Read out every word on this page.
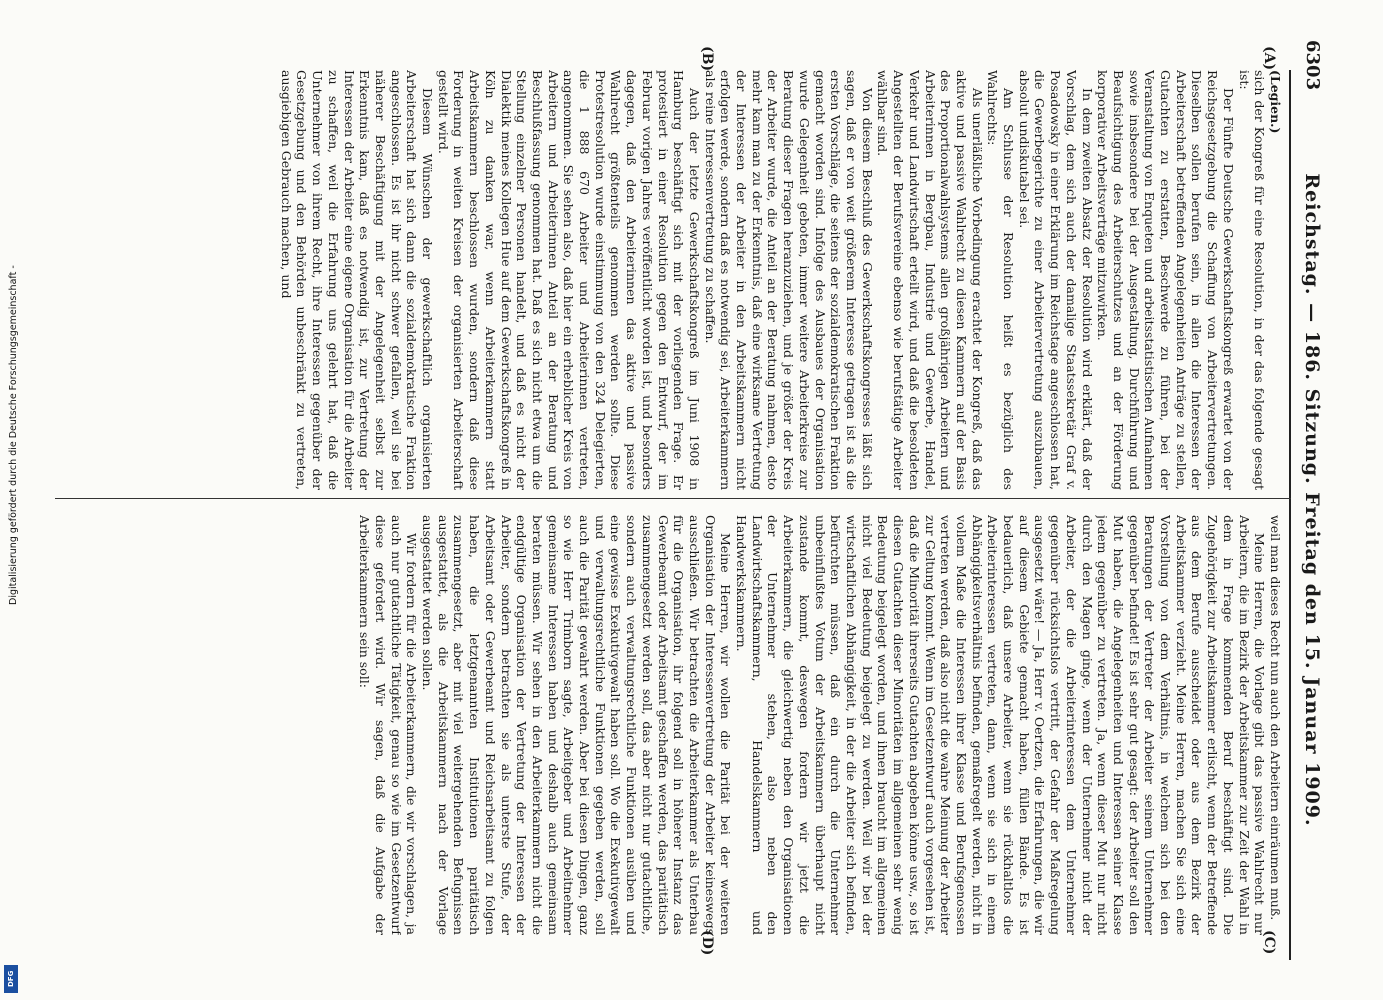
6303
Reichstag. — 186. Sitzung. Freitag den 15. Januar 1909.
(A)
(B)
(C)
(D)

(Legien.)

sich der Kongreß für eine Resolution, in der das folgende gesagt ist:

Der Fünfte Deutsche Gewerkschaftskongreß erwartet von der Reichsgesetzgebung die Schaffung von Arbeitervertretungen. Dieselben sollen berufen sein, in allen die Interessen der Arbeiterschaft betreffenden Angelegenheiten Anträge zu stellen, Gutachten zu erstatten, Beschwerde zu führen, bei der Veranstaltung von Enqueten und arbeitsstatistischen Aufnahmen sowie insbesondere bei der Ausgestaltung, Durchführung und Beaufsichtigung des Arbeiterschutzes und an der Förderung korporativer Arbeitsverträge mitzuwirken.

In dem zweiten Absatz der Resolution wird erklärt, daß der Vorschlag, dem sich auch der damalige Staatssekretär Graf v. Posadowsky in einer Erklärung im Reichstage angeschlossen hat, die Gewerbegerichte zu einer Arbeitervertretung auszubauen, absolut undiskutabel sei.

Am Schlusse der Resolution heißt es bezüglich des Wahlrechts:

Als unerläßliche Vorbedingung erachtet der Kongreß, daß das aktive und passive Wahlrecht zu diesen Kammern auf der Basis des Proportionalwahlsystems allen großjährigen Arbeitern und Arbeiterinnen in Bergbau, Industrie und Gewerbe, Handel, Verkehr und Landwirtschaft erteilt wird, und daß die besoldeten Angestellten der Berufsvereine ebenso wie berufstätige Arbeiter wählbar sind.

Von diesem Beschluß des Gewerkschaftskongresses läßt sich sagen, daß er von weit größerem Interesse getragen ist als die ersten Vorschläge, die seitens der sozialdemokratischen Fraktion gemacht worden sind. Infolge des Ausbaues der Organisation wurde Gelegenheit geboten, immer weitere Arbeiterkreise zur Beratung dieser Fragen heranzuziehen, und je größer der Kreis der Arbeiter wurde, die Anteil an der Beratung nahmen, desto mehr kam man zu der Erkenntnis, daß eine wirksame Vertretung der Interessen der Arbeiter in den Arbeitskammern nicht erfolgen werde, sondern daß es notwendig sei, Arbeiterkammern als reine Interessenvertretung zu schaffen.

Auch der letzte Gewerkschaftskongreß im Juni 1908 in Hamburg beschäftigt sich mit der vorliegenden Frage. Er protestiert in einer Resolution gegen den Entwurf, der im Februar vorigen Jahres veröffentlicht worden ist, und besonders dagegen, daß den Arbeiterinnen das aktive und passive Wahlrecht größtenteils genommen werden sollte. Diese Protestresolution wurde einstimmung von den 324 Delegierten, die 1 888 670 Arbeiter und Arbeiterinnen vertreten, angenommen. Sie sehen also, daß hier ein erheblicher Kreis von Arbeitern und Arbeiterinnen Anteil an der Beratung und Beschlußfassung genommen hat. Daß es sich nicht etwa um die Stellung einzelner Personen handelt, und daß es nicht der Dialektik meines Kollegen Hue auf dem Gewerkschaftskongreß in Köln zu danken war, wenn Arbeiterkammern statt Arbeitskammern beschlossen wurden, sondern daß diese Forderung in weiten Kreisen der organisierten Arbeiterschaft gestellt wird.

Diesem Wünschen der gewerkschaftlich organisierten Arbeiterschaft hat sich dann die sozialdemokratische Fraktion angeschlossen. Es ist ihr nicht schwer gefallen, weil sie bei näherer Beschäftigung mit der Angelegenheit selbst zur Erkenntnis kam, daß es notwendig ist, zur Vertretung der Interessen der Arbeiter eine eigene Organisation für die Arbeiter zu schaffen, weil die Erfahrung uns gelehrt hat, daß die Unternehmer von ihrem Recht, ihre Interessen gegenüber der Gesetzgebung und den Behörden unbeschränkt zu vertreten, ausgiebigen Gebrauch machen, und

weil man dieses Recht nun auch den Arbeitern einräumen muß.

Meine Herren, die Vorlage gibt das passive Wahlrecht nur Arbeitern, die im Bezirk der Arbeitskammer zur Zeit der Wahl in dem in Frage kommenden Beruf beschäftigt sind. Die Zugehörigkeit zur Arbeitskammer erlischt, wenn der Betreffende aus dem Berufe ausscheidet oder aus dem Bezirk der Arbeitskammer verzieht. Meine Herren, machen Sie sich eine Vorstellung von dem Verhältnis, in welchem sich bei den Beratungen der Vertreter der Arbeiter seinem Unternehmer gegenüber befindet! Es ist sehr gut gesagt: der Arbeiter soll den Mut haben, die Angelegenheiten und Interessen seiner Klasse jedem gegenüber zu vertreten. Ja, wenn dieser Mut nur nicht durch den Magen ginge, wenn der Unternehmer nicht der Arbeiter, der die Arbeiterinteressen dem Unternehmer gegenüber rücksichtslos vertritt, der Gefahr der Maßregelung ausgesetzt wäre! — Ja, Herr v. Oertzen, die Erfahrungen, die wir auf diesem Gebiete gemacht haben, füllen Bände. Es ist bedauerlich, daß unsere Arbeiter, wenn sie rückhaltlos die Arbeiterinteressen vertreten, dann, wenn sie sich in einem Abhängigkeitsverhältnis befinden, gemaßregelt werden, nicht in vollem Maße die Interessen ihrer Klasse und Berufsgenossen vertreten werden, daß also nicht die wahre Meinung der Arbeiter zur Geltung kommt. Wenn im Gesetzentwurf auch vorgesehen ist, daß die Minorität ihrerseits Gutachten abgeben könne usw., so ist diesen Gutachten dieser Minoritäten im allgemeinen sehr wenig Bedeutung beigelegt worden, und ihnen braucht im allgemeinen nicht viel Bedeutung beigelegt zu werden. Weil wir bei der wirtschaftlichen Abhängigkeit, in der die Arbeiter sich befinden, befürchten müssen, daß ein durch die Unternehmer unbeeinflußtes Votum der Arbeitskammern überhaupt nicht zustande kommt, deswegen fordern wir jetzt die Arbeiterkammern, die gleichwertig neben den Organisationen der Unternehmer stehen, also neben den Landwirtschaftskammern, Handelskammern und Handwerkskammern.

Meine Herren, wir wollen die Parität bei der weiteren Organisation der Interessenvertretung der Arbeiter keineswegs ausschließen. Wir betrachten die Arbeiterkammer als Unterbau für die Organisation, ihr folgend soll in höherer Instanz das Gewerbeamt oder Arbeitsamt geschaffen werden, das paritätisch zusammengesetzt werden soll, das aber nicht nur gutachtliche, sondern auch verwaltungsrechtliche Funktionen ausüben und eine gewisse Exekutivgewalt haben soll. Wo die Exekutivgewalt und verwaltungsrechtliche Funktionen gegeben werden, soll auch die Parität gewahrt werden. Aber bei diesen Dingen, ganz so wie Herr Trimborn sagte, Arbeitgeber und Arbeitnehmer gemeinsame Interessen haben und deshalb auch gemeinsam beraten müssen. Wir sehen in den Arbeiterkammern nicht die endgültige Organisation der Vertretung der Interessen der Arbeiter, sondern betrachten sie als unterste Stufe, der Arbeitsamt oder Gewerbeamt und Reichsarbeitsamt zu folgen haben, die letztgenannten Institutionen paritätisch zusammengesetzt, aber mit viel weitergehenden Befugnissen ausgestattet, als die Arbeitskammern nach der Vorlage ausgestattet werden sollen.

Wir fordern für die Arbeiterkammern, die wir vorschlagen, ja auch nur gutachtliche Tätigkeit, genau so wie im Gesetzentwurf diese gefordert wird. Wir sagen, daß die Aufgabe der Arbeiterkammern sein soll:

Digitalisierung gefördert durch die Deutsche Forschungsgemeinschaft -
DFG
